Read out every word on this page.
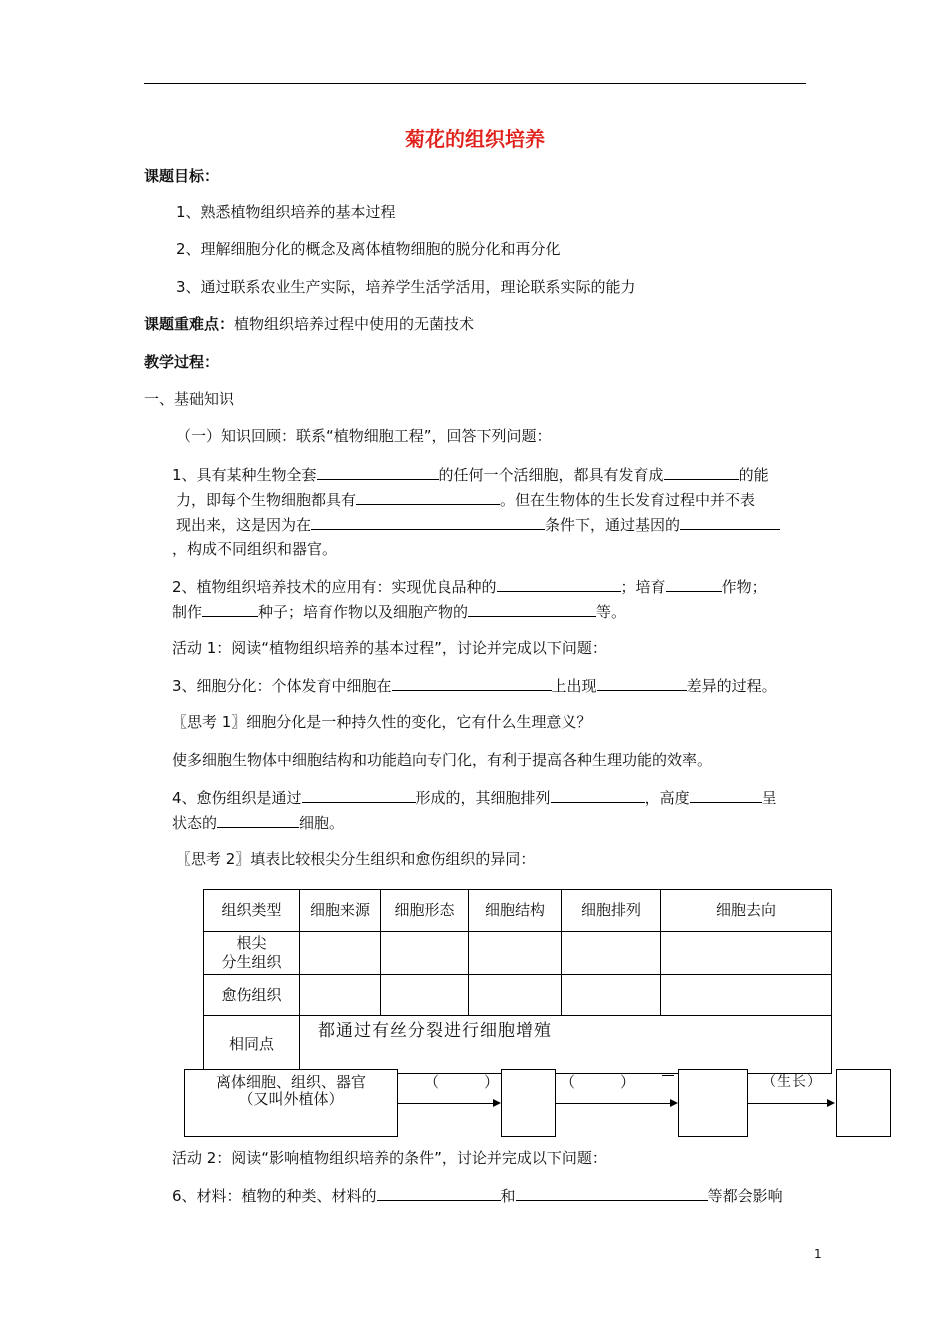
菊花的组织培养
课题目标：
1、熟悉植物组织培养的基本过程
2、理解细胞分化的概念及离体植物细胞的脱分化和再分化
3、通过联系农业生产实际，培养学生活学活用，理论联系实际的能力
课题重难点：植物组织培养过程中使用的无菌技术
教学过程：
一、基础知识
（一）知识回顾：联系“植物细胞工程”，回答下列问题：
1、具有某种生物全套	的任何一个活细胞，都具有发育成	的能
力，即每个生物细胞都具有	。但在生物体的生长发育过程中并不表
现出来，这是因为在	条件下，通过基因的
，构成不同组织和器官。
2、植物组织培养技术的应用有：实现优良品种的	；培育	作物；
制作	种子；培育作物以及细胞产物的	等。
活动 1：阅读“植物组织培养的基本过程”，讨论并完成以下问题：
3、细胞分化：个体发育中细胞在	上出现	差异的过程。
〖思考 1〗细胞分化是一种持久性的变化，它有什么生理意义？
使多细胞生物体中细胞结构和功能趋向专门化，有利于提高各种生理功能的效率。
4、愈伤组织是通过	形成的，其细胞排列	，高度	呈
状态的	细胞。
〖思考 2〗填表比较根尖分生组织和愈伤组织的异同：
组织类型	细胞来源	细胞形态	细胞结构	细胞排列	细胞去向

根尖
分生组织					

愈伤组织					
相同点	都通过有丝分裂进行细胞增殖				
离体细胞、组织、器官
（又叫外植体）
（　　　）	（　　　）	（生长）
活动 2：阅读“影响植物组织培养的条件”，讨论并完成以下问题：
6、材料：植物的种类、材料的	和	等都会影响
1
